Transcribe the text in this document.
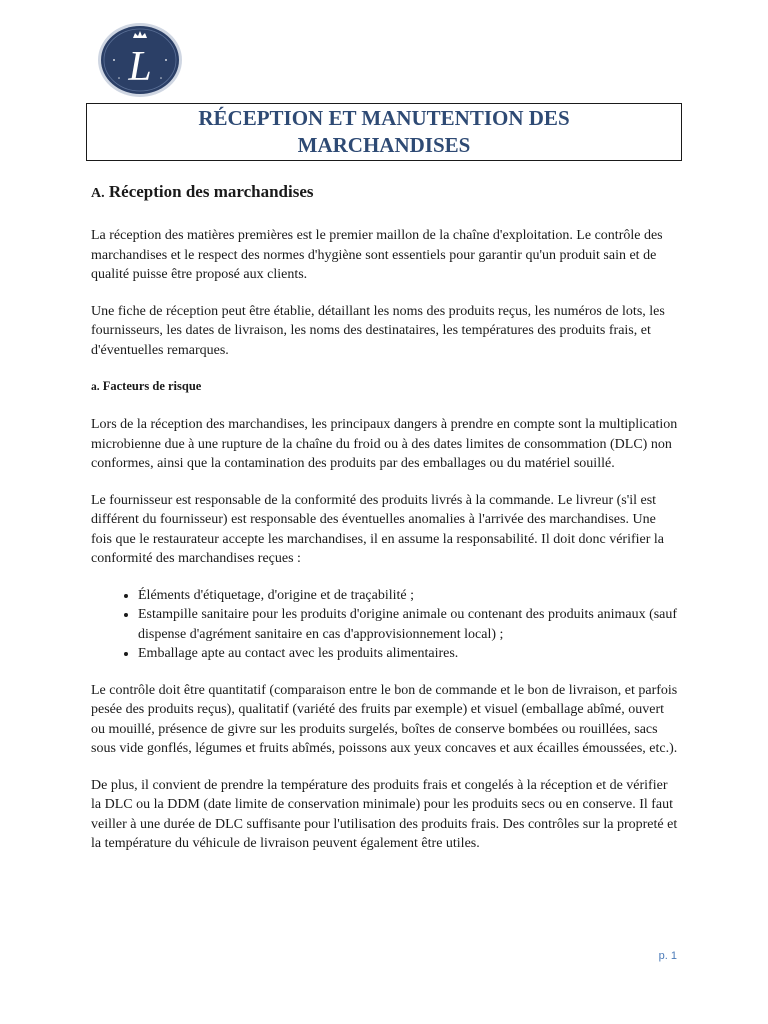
L
RÉCEPTION ET MANUTENTION DES MARCHANDISES
A. Réception des marchandises

La réception des matières premières est le premier maillon de la chaîne d'exploitation. Le contrôle des marchandises et le respect des normes d'hygiène sont essentiels pour garantir qu'un produit sain et de qualité puisse être proposé aux clients.

Une fiche de réception peut être établie, détaillant les noms des produits reçus, les numéros de lots, les fournisseurs, les dates de livraison, les noms des destinataires, les températures des produits frais, et d'éventuelles remarques.

a. Facteurs de risque

Lors de la réception des marchandises, les principaux dangers à prendre en compte sont la multiplication microbienne due à une rupture de la chaîne du froid ou à des dates limites de consommation (DLC) non conformes, ainsi que la contamination des produits par des emballages ou du matériel souillé.

Le fournisseur est responsable de la conformité des produits livrés à la commande. Le livreur (s'il est différent du fournisseur) est responsable des éventuelles anomalies à l'arrivée des marchandises. Une fois que le restaurateur accepte les marchandises, il en assume la responsabilité. Il doit donc vérifier la conformité des marchandises reçues :

• Éléments d'étiquetage, d'origine et de traçabilité ;
• Estampille sanitaire pour les produits d'origine animale ou contenant des produits animaux (sauf dispense d'agrément sanitaire en cas d'approvisionnement local) ;
• Emballage apte au contact avec les produits alimentaires.

Le contrôle doit être quantitatif (comparaison entre le bon de commande et le bon de livraison, et parfois pesée des produits reçus), qualitatif (variété des fruits par exemple) et visuel (emballage abîmé, ouvert ou mouillé, présence de givre sur les produits surgelés, boîtes de conserve bombées ou rouillées, sacs sous vide gonflés, légumes et fruits abîmés, poissons aux yeux concaves et aux écailles émoussées, etc.).

De plus, il convient de prendre la température des produits frais et congelés à la réception et de vérifier la DLC ou la DDM (date limite de conservation minimale) pour les produits secs ou en conserve. Il faut veiller à une durée de DLC suffisante pour l'utilisation des produits frais. Des contrôles sur la propreté et la température du véhicule de livraison peuvent également être utiles.

p. 1
